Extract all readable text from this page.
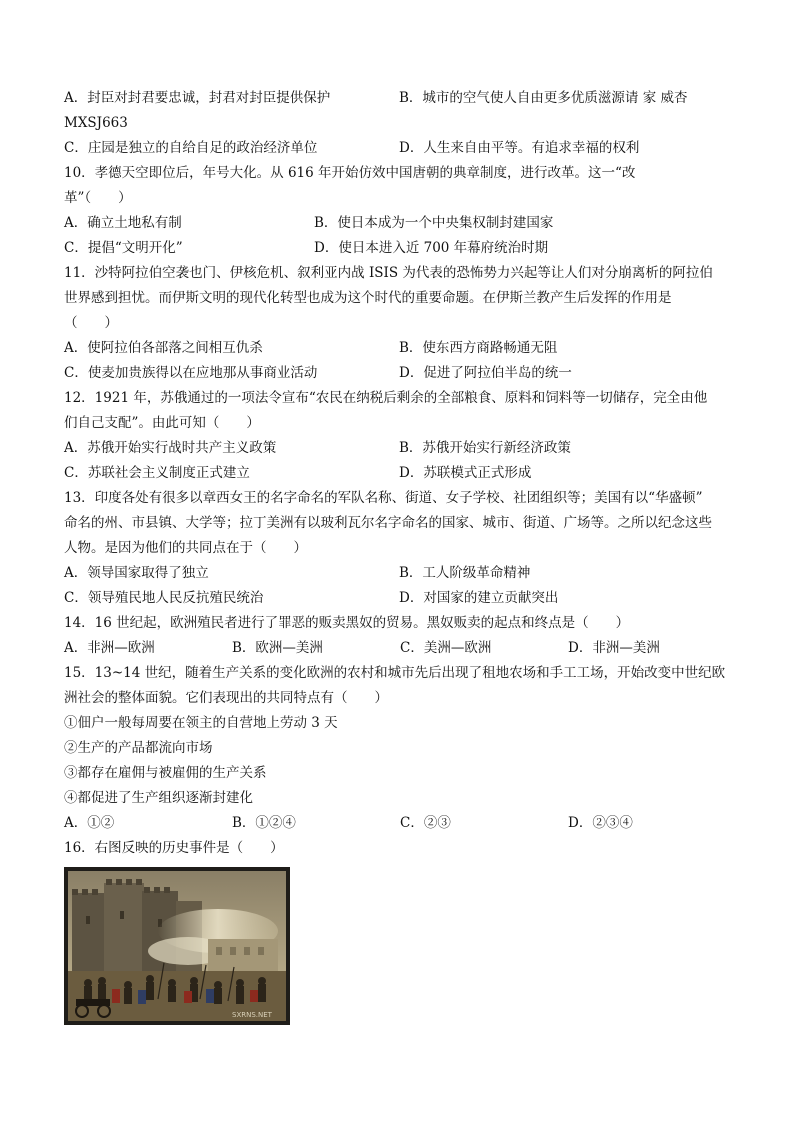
A．封臣对封君要忠诚，封君对封臣提供保护	B．城市的空气使人自由更多优质滋源请 家 威杏
MXSJ663
C．庄园是独立的自给自足的政治经济单位	D．人生来自由平等。有追求幸福的权利
10．孝德天空即位后，年号大化。从 616 年开始仿效中国唐朝的典章制度，进行改革。这一“改
革”（　　）
A．确立土地私有制	B．使日本成为一个中央集权制封建国家
C．提倡“文明开化”	D．使日本进入近 700 年幕府统治时期
11．沙特阿拉伯空袭也门、伊核危机、叙利亚内战 ISIS 为代表的恐怖势力兴起等让人们对分崩离析的阿拉伯
世界感到担忧。而伊斯文明的现代化转型也成为这个时代的重要命题。在伊斯兰教产生后发挥的作用是
（　　）
A．使阿拉伯各部落之间相互仇杀	B．使东西方商路畅通无阻
C．使麦加贵族得以在应地那从事商业活动	D．促进了阿拉伯半岛的统一
12．1921 年，苏俄通过的一项法令宣布“农民在纳税后剩余的全部粮食、原料和饲料等一切储存，完全由他
们自己支配”。由此可知（　　）
A．苏俄开始实行战时共产主义政策	B．苏俄开始实行新经济政策
C．苏联社会主义制度正式建立	D．苏联模式正式形成
13．印度各处有很多以章西女王的名字命名的军队名称、街道、女子学校、社团组织等；美国有以“华盛顿”
命名的州、市县镇、大学等；拉丁美洲有以玻利瓦尔名字命名的国家、城市、街道、广场等。之所以纪念这些
人物。是因为他们的共同点在于（　　）
A．领导国家取得了独立	B．工人阶级革命精神
C．领导殖民地人民反抗殖民统治	D．对国家的建立贡献突出
14．16 世纪起，欧洲殖民者进行了罪恶的贩卖黑奴的贸易。黑奴贩卖的起点和终点是（　　）
A．非洲—欧洲	B．欧洲—美洲	C．美洲—欧洲	D．非洲—美洲
15．13~14 世纪，随着生产关系的变化欧洲的农村和城市先后出现了租地农场和手工工场，开始改变中世纪欧
洲社会的整体面貌。它们表现出的共同特点有（　　）
①佃户一般每周要在领主的自营地上劳动 3 天
②生产的产品都流向市场
③都存在雇佣与被雇佣的生产关系
④都促进了生产组织逐渐封建化
A．①②	B．①②④	C．②③	D．②③④
16．右图反映的历史事件是（　　）
SXRNS.NET
